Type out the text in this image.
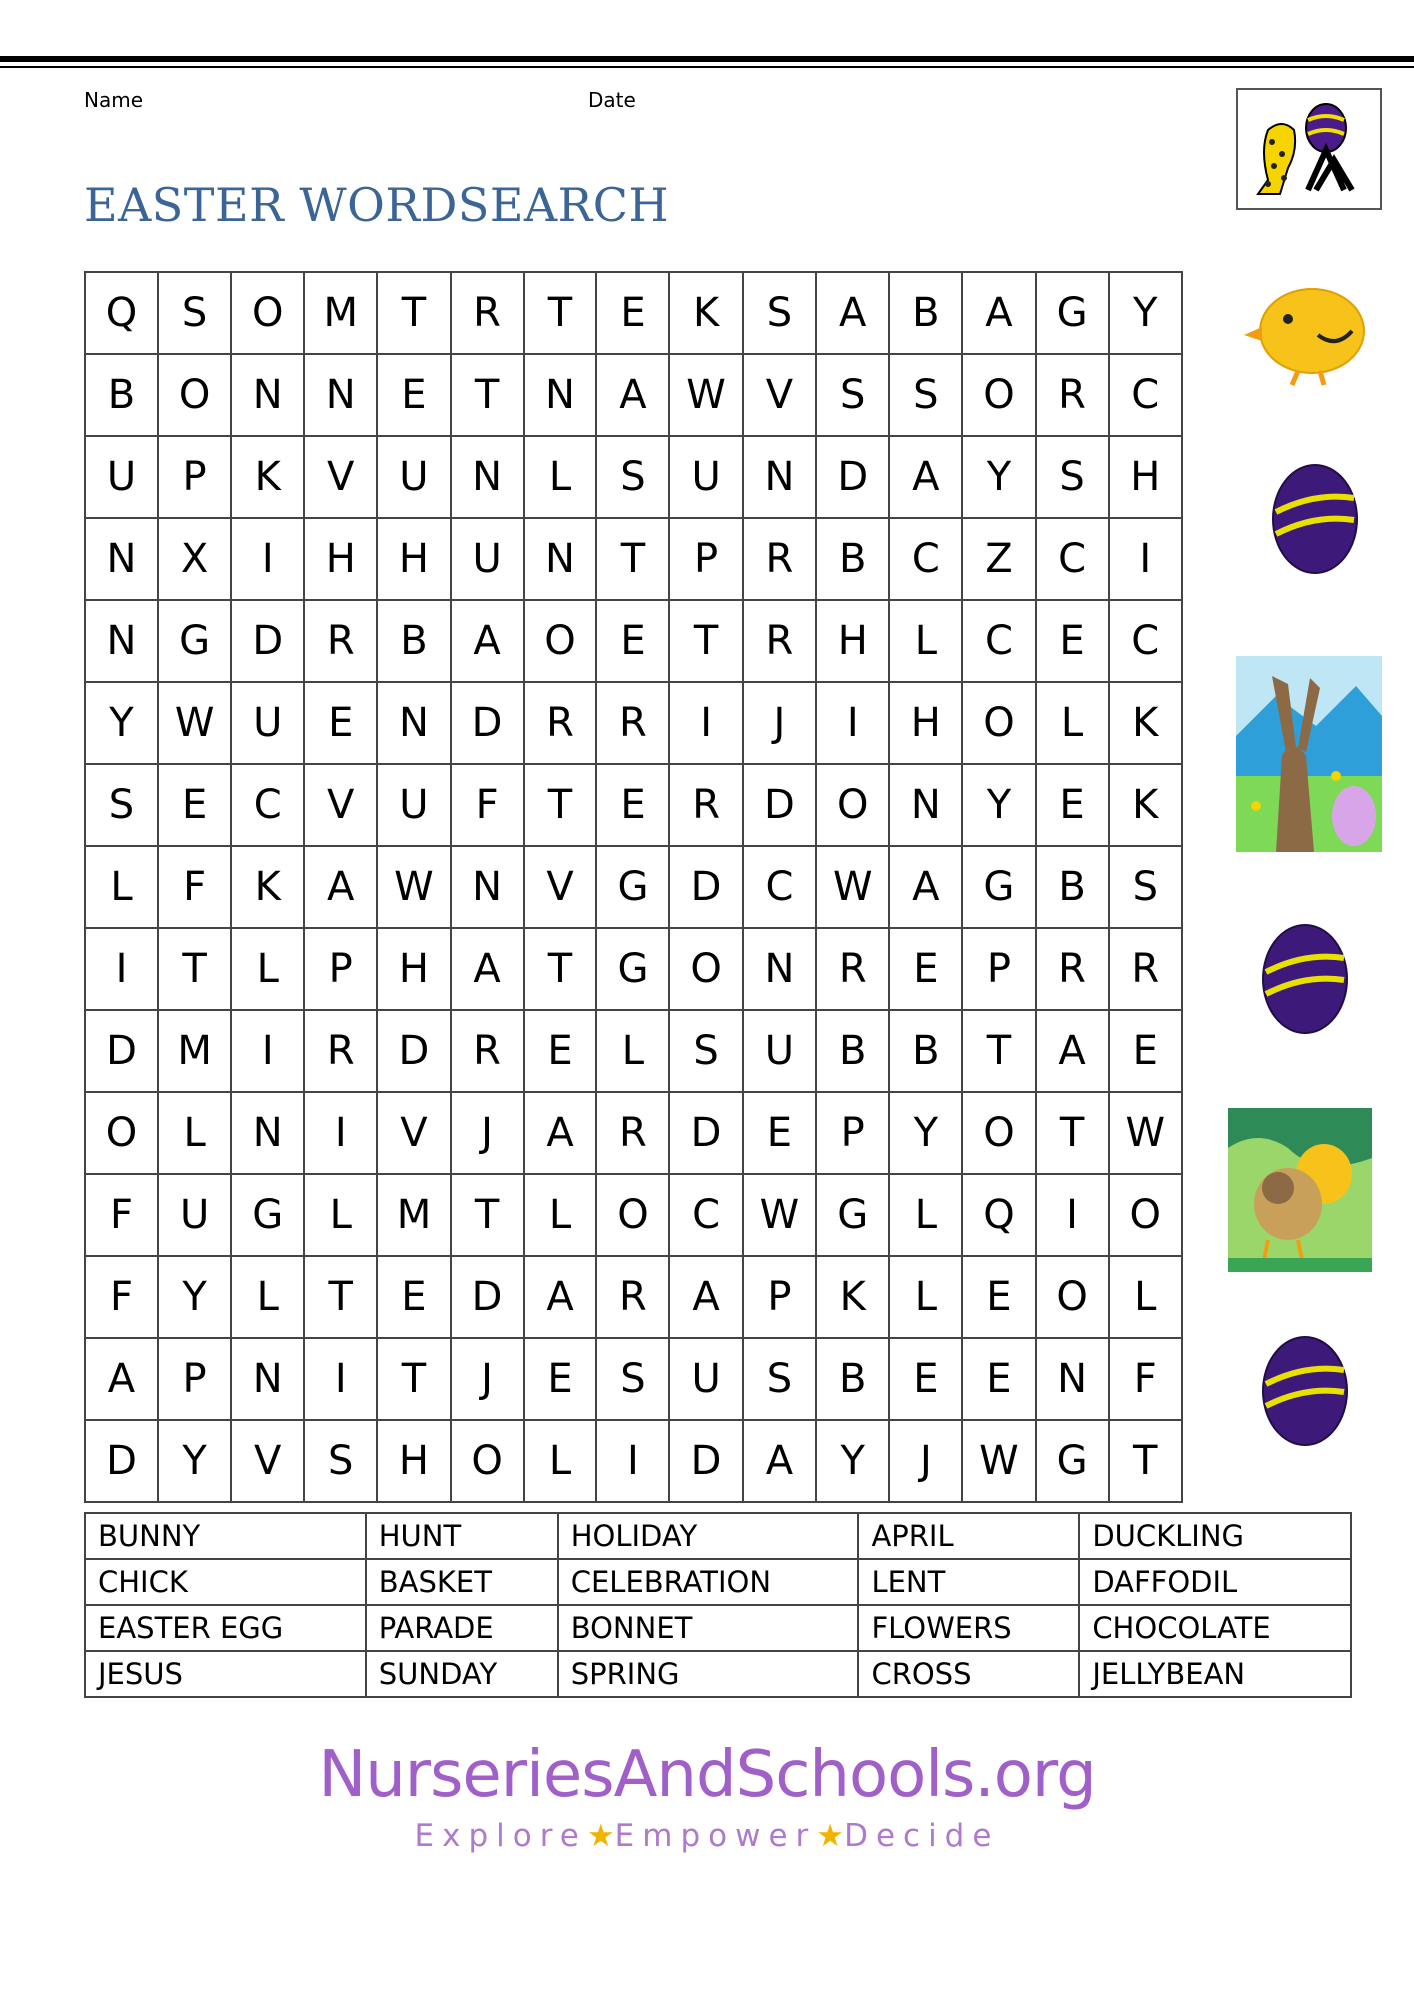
Name	Date
EASTER WORDSEARCH
Q	S	O	M	T	R	T	E	K	S	A	B	A	G	Y
B	O	N	N	E	T	N	A	W	V	S	S	O	R	C
U	P	K	V	U	N	L	S	U	N	D	A	Y	S	H
N	X	I	H	H	U	N	T	P	R	B	C	Z	C	I
N	G	D	R	B	A	O	E	T	R	H	L	C	E	C
Y	W	U	E	N	D	R	R	I	J	I	H	O	L	K
S	E	C	V	U	F	T	E	R	D	O	N	Y	E	K
L	F	K	A	W	N	V	G	D	C	W	A	G	B	S
I	T	L	P	H	A	T	G	O	N	R	E	P	R	R
D	M	I	R	D	R	E	L	S	U	B	B	T	A	E
O	L	N	I	V	J	A	R	D	E	P	Y	O	T	W
F	U	G	L	M	T	L	O	C	W	G	L	Q	I	O
F	Y	L	T	E	D	A	R	A	P	K	L	E	O	L
A	P	N	I	T	J	E	S	U	S	B	E	E	N	F
D	Y	V	S	H	O	L	I	D	A	Y	J	W	G	T
BUNNY	HUNT	HOLIDAY	APRIL	DUCKLING
CHICK	BASKET	CELEBRATION	LENT	DAFFODIL
EASTER EGG	PARADE	BONNET	FLOWERS	CHOCOLATE
JESUS	SUNDAY	SPRING	CROSS	JELLYBEAN
NurseriesAndSchools.org
Explore★Empower★Decide
